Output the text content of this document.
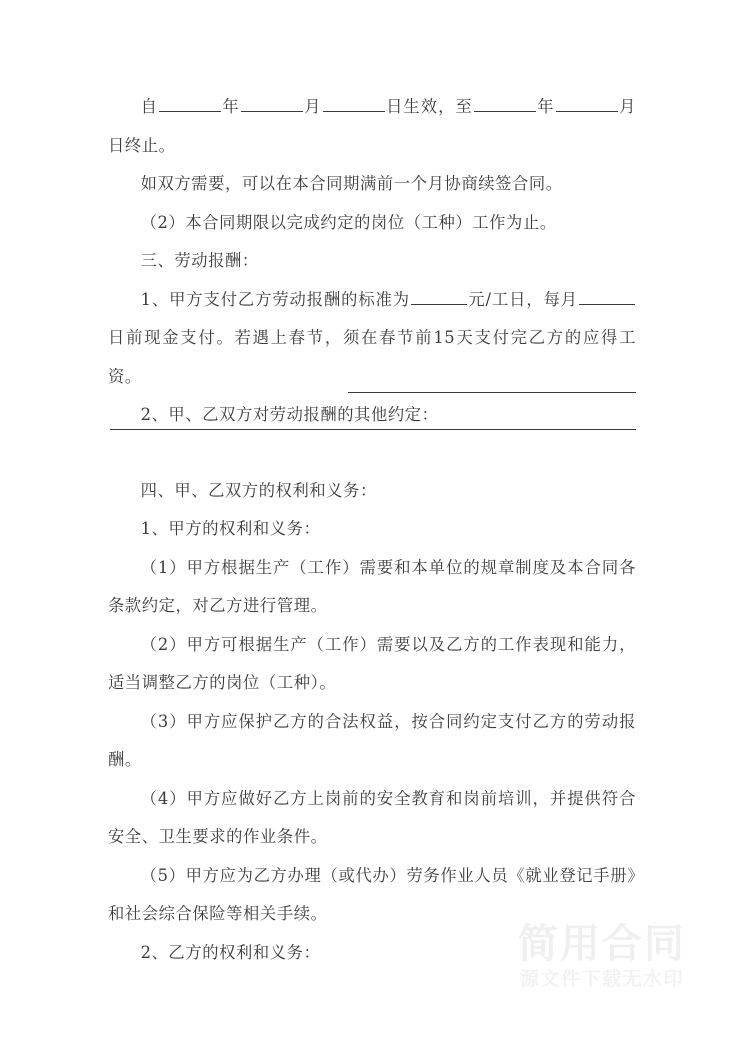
自	年	月	日生效，至	年	月日终止。

如双方需要，可以在本合同期满前一个月协商续签合同。

（2）本合同期限以完成约定的岗位（工种）工作为止。

三、劳动报酬：

1、甲方支付乙方劳动报酬的标准为	元/工日，每月日前现金支付。若遇上春节，须在春节前15天支付完乙方的应得工资。

2、甲、乙双方对劳动报酬的其他约定：

四、甲、乙双方的权利和义务：

1、甲方的权利和义务：

（1）甲方根据生产（工作）需要和本单位的规章制度及本合同各条款约定，对乙方进行管理。

（2）甲方可根据生产（工作）需要以及乙方的工作表现和能力，适当调整乙方的岗位（工种）。

（3）甲方应保护乙方的合法权益，按合同约定支付乙方的劳动报酬。

（4）甲方应做好乙方上岗前的安全教育和岗前培训，并提供符合安全、卫生要求的作业条件。

（5）甲方应为乙方办理（或代办）劳务作业人员《就业登记手册》和社会综合保险等相关手续。

2、乙方的权利和义务：	简用合同
源文件下载无水印
